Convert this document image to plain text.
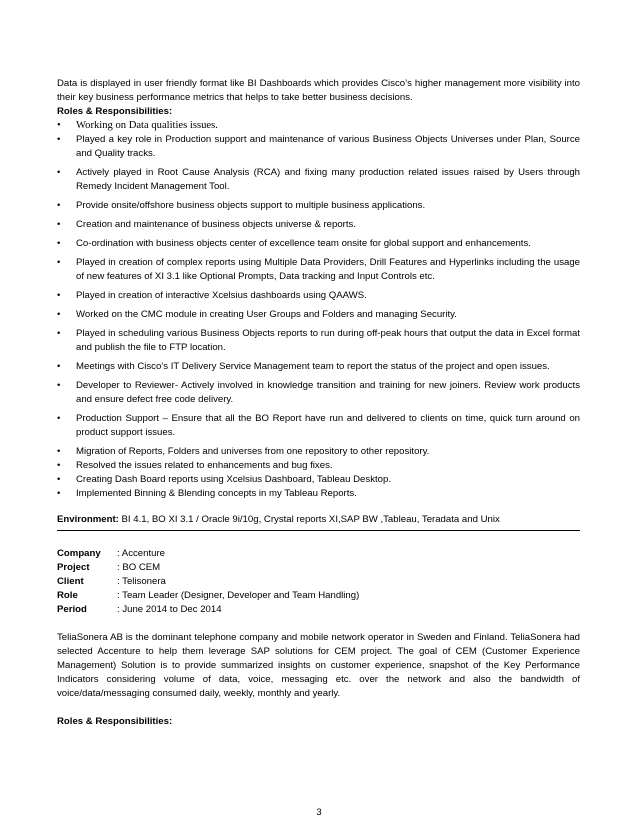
Data is displayed in user friendly format like BI Dashboards which provides Cisco’s higher management more visibility into their key business performance metrics that helps to take better business decisions.

Roles & Responsibilities:

•	Working on Data qualities issues.
•	Played a key role in Production support and maintenance of various Business Objects Universes under Plan, Source and Quality tracks.
•	Actively played in Root Cause Analysis (RCA) and fixing many production related issues raised by Users through Remedy Incident Management Tool.
•	Provide onsite/offshore business objects support to multiple business applications.
•	Creation and maintenance of business objects universe & reports.
•	Co-ordination with business objects center of excellence team onsite for global support and enhancements.
•	Played in creation of complex reports using Multiple Data Providers, Drill Features and Hyperlinks including the usage of new features of XI 3.1 like Optional Prompts, Data tracking and Input Controls etc.
•	Played in creation of interactive Xcelsius dashboards using QAAWS.
•	Worked on the CMC module in creating User Groups and Folders and managing Security.
•	Played in scheduling various Business Objects reports to run during off-peak hours that output the data in Excel format and publish the file to FTP location.
•	Meetings with Cisco’s IT Delivery Service Management team to report the status of the project and open issues.
•	Developer to Reviewer- Actively involved in knowledge transition and training for new joiners. Review work products and ensure defect free code delivery.
•	Production Support – Ensure that all the BO Report have run and delivered to clients on time, quick turn around on product support issues.
•	Migration of Reports, Folders and universes from one repository to other repository.
•	Resolved the issues related to enhancements and bug fixes.
•	Creating Dash Board reports using Xcelsius Dashboard, Tableau Desktop.
•	Implemented Binning & Blending concepts in my Tableau Reports.
Environment: BI 4.1, BO XI 3.1 / Oracle 9i/10g, Crystal reports XI,SAP BW ,Tableau, Teradata and Unix
Company	: Accenture
Project	: BO CEM
Client	: Telisonera
Role	: Team Leader (Designer, Developer and Team Handling)
Period	: June 2014 to Dec 2014

TeliaSonera AB is the dominant telephone company and mobile network operator in Sweden and Finland. TeliaSonera had selected Accenture to help them leverage SAP solutions for CEM project. The goal of CEM (Customer Experience Management) Solution is to provide summarized insights on customer experience, snapshot of the Key Performance Indicators considering volume of data, voice, messaging etc. over the network and also the bandwidth of voice/data/messaging consumed daily, weekly, monthly and yearly.

Roles & Responsibilities:

3
